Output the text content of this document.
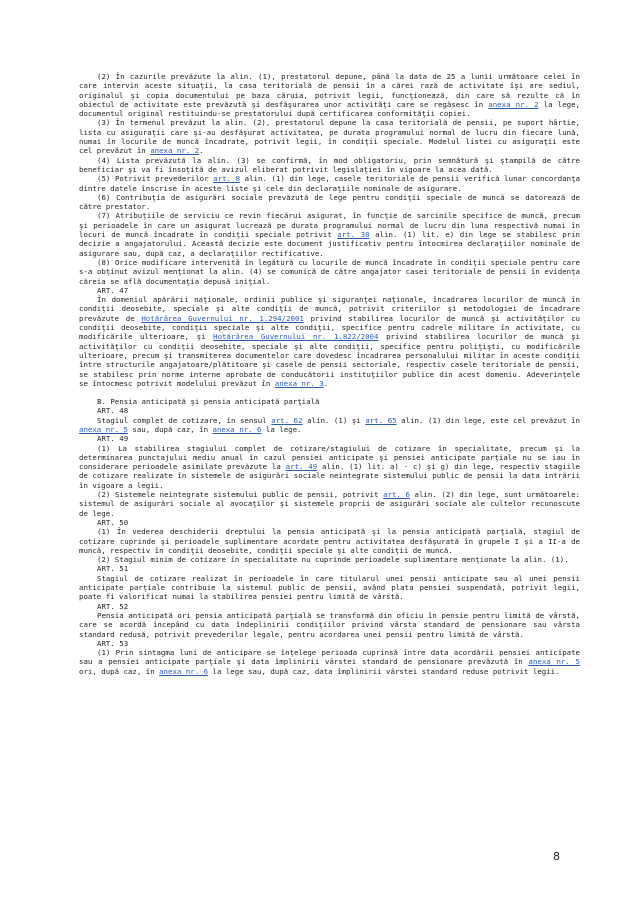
(2) În cazurile prevăzute la alin. (1), prestatorul depune, până la data de 25 a lunii următoare celei în care intervin aceste situaţii, la casa teritorială de pensii în a cărei rază de activitate îşi are sediul, originalul şi copia documentului pe baza căruia, potrivit legii, funcţionează, din care să rezulte că în obiectul de activitate este prevăzută şi desfăşurarea unor activităţi care se regăsesc în anexa nr. 2 la lege, documentul original restituindu-se prestatorului după certificarea conformităţii copiei.

(3) În termenul prevăzut la alin. (2), prestatorul depune la casa teritorială de pensii, pe suport hârtie, lista cu asiguraţii care şi-au desfăşurat activitatea, pe durata programului normal de lucru din fiecare lună, numai în locurile de muncă încadrate, potrivit legii, în condiţii speciale. Modelul listei cu asiguraţii este cel prevăzut în anexa nr. 2.

(4) Lista prevăzută la alin. (3) se confirmă, în mod obligatoriu, prin semnătură şi ştampilă de către beneficiar şi va fi însoţită de avizul eliberat potrivit legislaţiei în vigoare la acea dată.

(5) Potrivit prevederilor art. 8 alin. (1) din lege, casele teritoriale de pensii verifică lunar concordanţa dintre datele înscrise în aceste liste şi cele din declaraţiile nominale de asigurare.

(6) Contribuţia de asigurări sociale prevăzută de lege pentru condiţii speciale de muncă se datorează de către prestator.

(7) Atribuţiile de serviciu ce revin fiecărui asigurat, în funcţie de sarcinile specifice de muncă, precum şi perioadele în care un asigurat lucrează pe durata programului normal de lucru din luna respectivă numai în locuri de muncă încadrate în condiţii speciale potrivit art. 30 alin. (1) lit. e) din lege se stabilesc prin decizie a angajatorului. Această decizie este document justificativ pentru întocmirea declaraţiilor nominale de asigurare sau, după caz, a declaraţiilor rectificative.

(8) Orice modificare intervenită în legătură cu locurile de muncă încadrate în condiţii speciale pentru care s-a obţinut avizul menţionat la alin. (4) se comunică de către angajator casei teritoriale de pensii în evidenţa căreia se află documentaţia depusă iniţial.

ART. 47

În domeniul apărării naţionale, ordinii publice şi siguranţei naţionale, încadrarea locurilor de muncă în condiţii deosebite, speciale şi alte condiţii de muncă, potrivit criteriilor şi metodologiei de încadrare prevăzute de Hotărârea Guvernului nr. 1.294/2001 privind stabilirea locurilor de muncă şi activităţilor cu condiţii deosebite, condiţii speciale şi alte condiţii, specifice pentru cadrele militare în activitate, cu modificările ulterioare, şi Hotărârea Guvernului nr. 1.822/2004 privind stabilirea locurilor de muncă şi activităţilor cu condiţii deosebite, speciale şi alte condiţii, specifice pentru poliţişti, cu modificările ulterioare, precum şi transmiterea documentelor care dovedesc încadrarea personalului militar în aceste condiţii între structurile angajatoare/plătitoare şi casele de pensii sectoriale, respectiv casele teritoriale de pensii, se stabilesc prin norme interne aprobate de conducătorii instituţiilor publice din acest domeniu. Adeverinţele se întocmesc potrivit modelului prevăzut în anexa nr. 3.

B. Pensia anticipată şi pensia anticipată parţială

ART. 48

Stagiul complet de cotizare, în sensul art. 62 alin. (1) şi art. 65 alin. (1) din lege, este cel prevăzut în anexa nr. 5 sau, după caz, în anexa nr. 6 la lege.

ART. 49

(1) La stabilirea stagiului complet de cotizare/stagiului de cotizare în specialitate, precum şi la determinarea punctajului mediu anual în cazul pensiei anticipate şi pensiei anticipate parţiale nu se iau în considerare perioadele asimilate prevăzute la art. 49 alin. (1) lit. a) - c) şi g) din lege, respectiv stagiile de cotizare realizate în sistemele de asigurări sociale neintegrate sistemului public de pensii la data intrării în vigoare a legii.

(2) Sistemele neintegrate sistemului public de pensii, potrivit art. 6 alin. (2) din lege, sunt următoarele: sistemul de asigurări sociale al avocaţilor şi sistemele proprii de asigurări sociale ale cultelor recunoscute de lege.

ART. 50

(1) În vederea deschiderii dreptului la pensia anticipată şi la pensia anticipată parţială, stagiul de cotizare cuprinde şi perioadele suplimentare acordate pentru activitatea desfăşurată în grupele I şi a II-a de muncă, respectiv în condiţii deosebite, condiţii speciale şi alte condiţii de muncă.

(2) Stagiul minim de cotizare în specialitate nu cuprinde perioadele suplimentare menţionate la alin. (1).

ART. 51

Stagiul de cotizare realizat în perioadele în care titularul unei pensii anticipate sau al unei pensii anticipate parţiale contribuie la sistemul public de pensii, având plata pensiei suspendată, potrivit legii, poate fi valorificat numai la stabilirea pensiei pentru limită de vârstă.

ART. 52

Pensia anticipată ori pensia anticipată parţială se transformă din oficiu în pensie pentru limită de vârstă, care se acordă începând cu data îndeplinirii condiţiilor privind vârsta standard de pensionare sau vârsta standard redusă, potrivit prevederilor legale, pentru acordarea unei pensii pentru limită de vârstă.

ART. 53

(1) Prin sintagma luni de anticipare se înţelege perioada cuprinsă între data acordării pensiei anticipate sau a pensiei anticipate parţiale şi data împlinirii vârstei standard de pensionare prevăzută în anexa nr. 5 ori, după caz, în anexa nr. 6 la lege sau, după caz, data împlinirii vârstei standard reduse potrivit legii.

8
